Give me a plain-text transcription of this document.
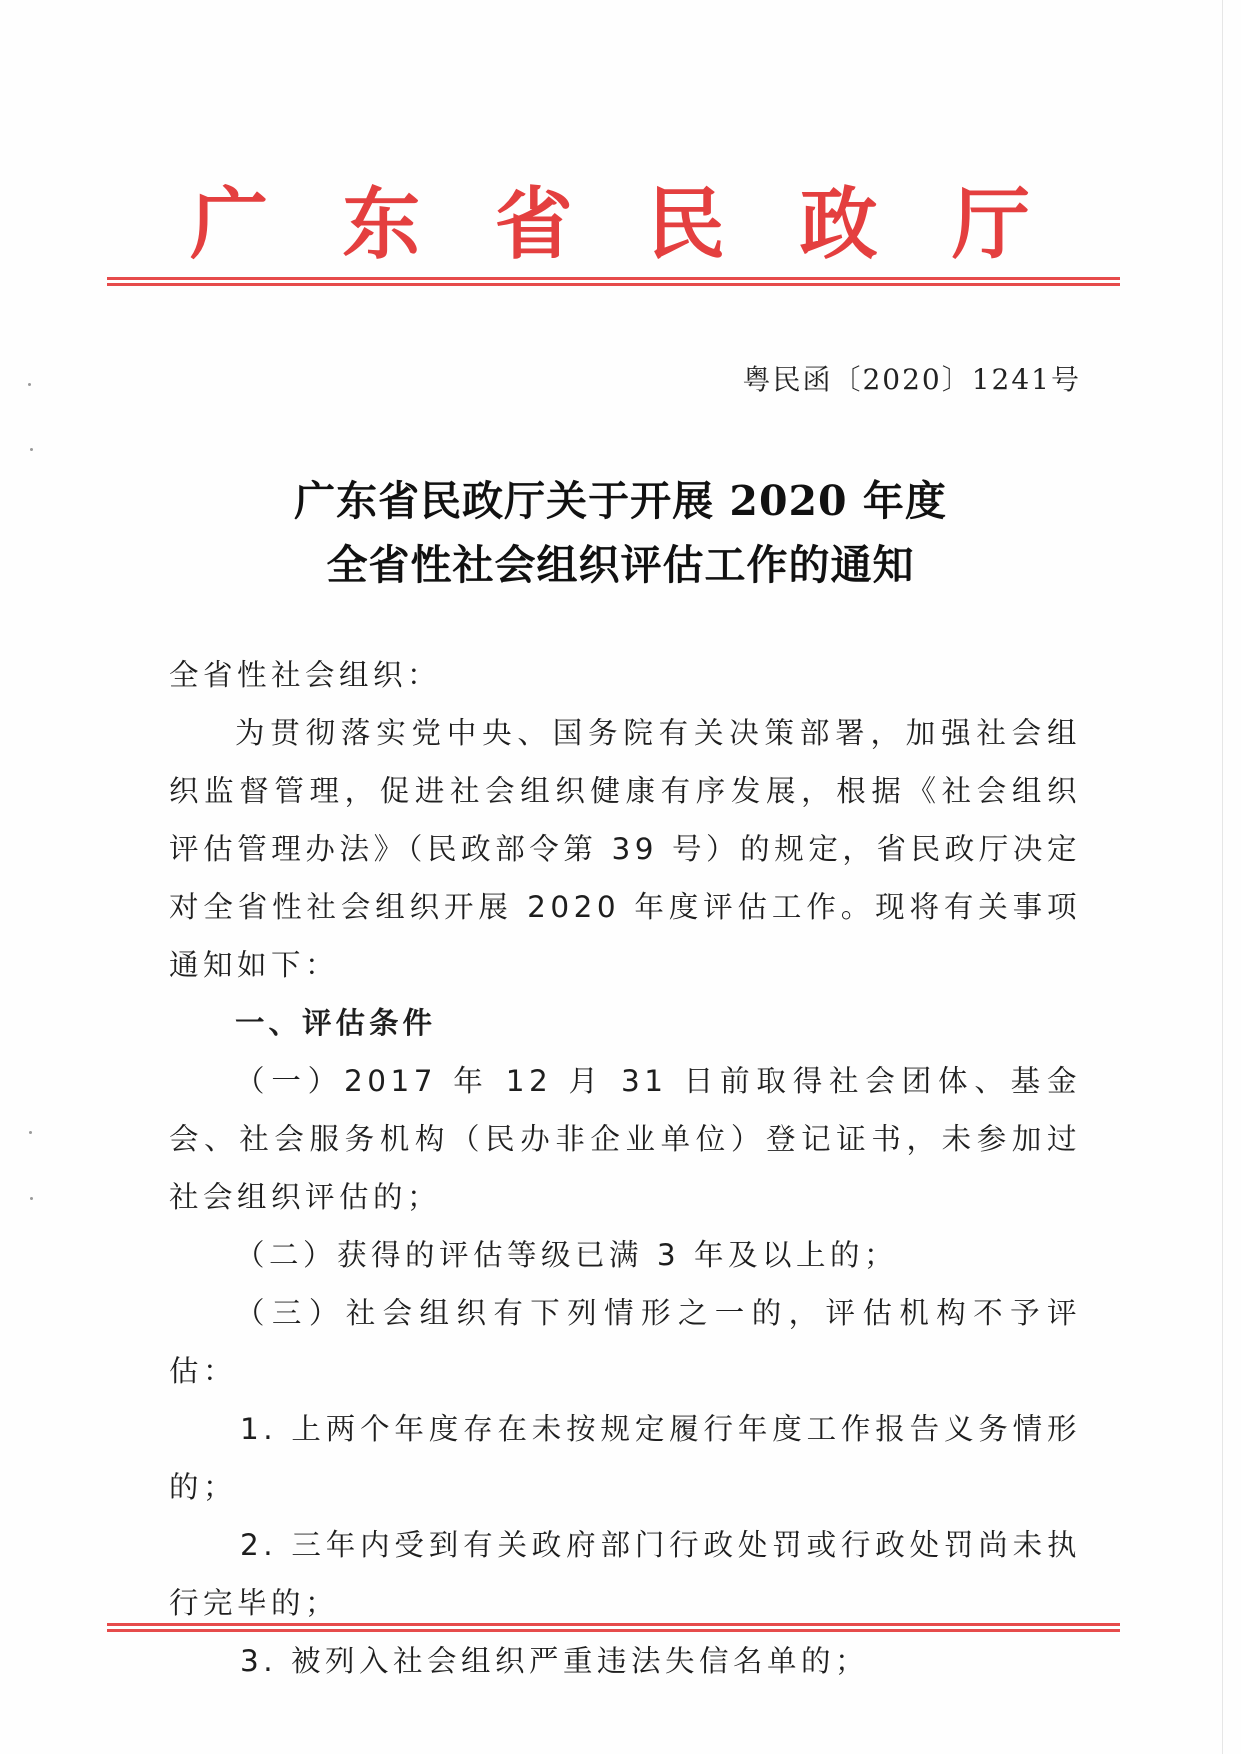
广 东 省 民 政 厅
粤民函〔2020〕1241号
广东省民政厅关于开展 2020 年度
全省性社会组织评估工作的通知

全省性社会组织：

为贯彻落实党中央、国务院有关决策部署，加强社会组织监督管理，促进社会组织健康有序发展，根据《社会组织评估管理办法》（民政部令第 39 号）的规定，省民政厅决定对全省性社会组织开展 2020 年度评估工作。现将有关事项通知如下：

一、评估条件

（一）2017 年 12 月 31 日前取得社会团体、基金会、社会服务机构（民办非企业单位）登记证书，未参加过社会组织评估的；

（二）获得的评估等级已满 3 年及以上的；

（三）社会组织有下列情形之一的，评估机构不予评估：

1. 上两个年度存在未按规定履行年度工作报告义务情形的；

2. 三年内受到有关政府部门行政处罚或行政处罚尚未执行完毕的；

3. 被列入社会组织严重违法失信名单的；
